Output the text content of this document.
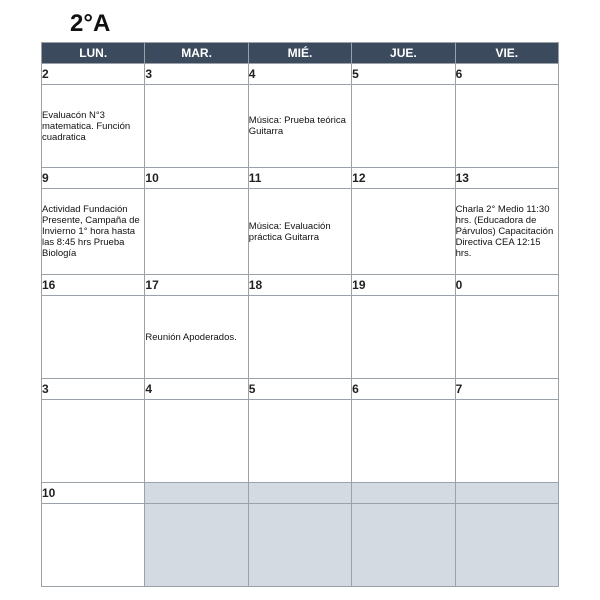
2°A
LUN.	MAR.	MIÉ.	JUE.	VIE.
2	3	4	5	6
Evaluacón N°3 matematica. Función cuadratica		Música: Prueba teórica Guitarra		
9	10	11	12	13
Actividad Fundación Presente, Campaña de Invierno 1° hora hasta las 8:45 hrs Prueba Biología		Música: Evaluación práctica Guitarra		Charla 2° Medio 11:30 hrs. (Educadora de Párvulos) Capacitación Directiva CEA 12:15 hrs.
16	17	18	19	0
	Reunión Apoderados.			
3	4	5	6	7

10				
